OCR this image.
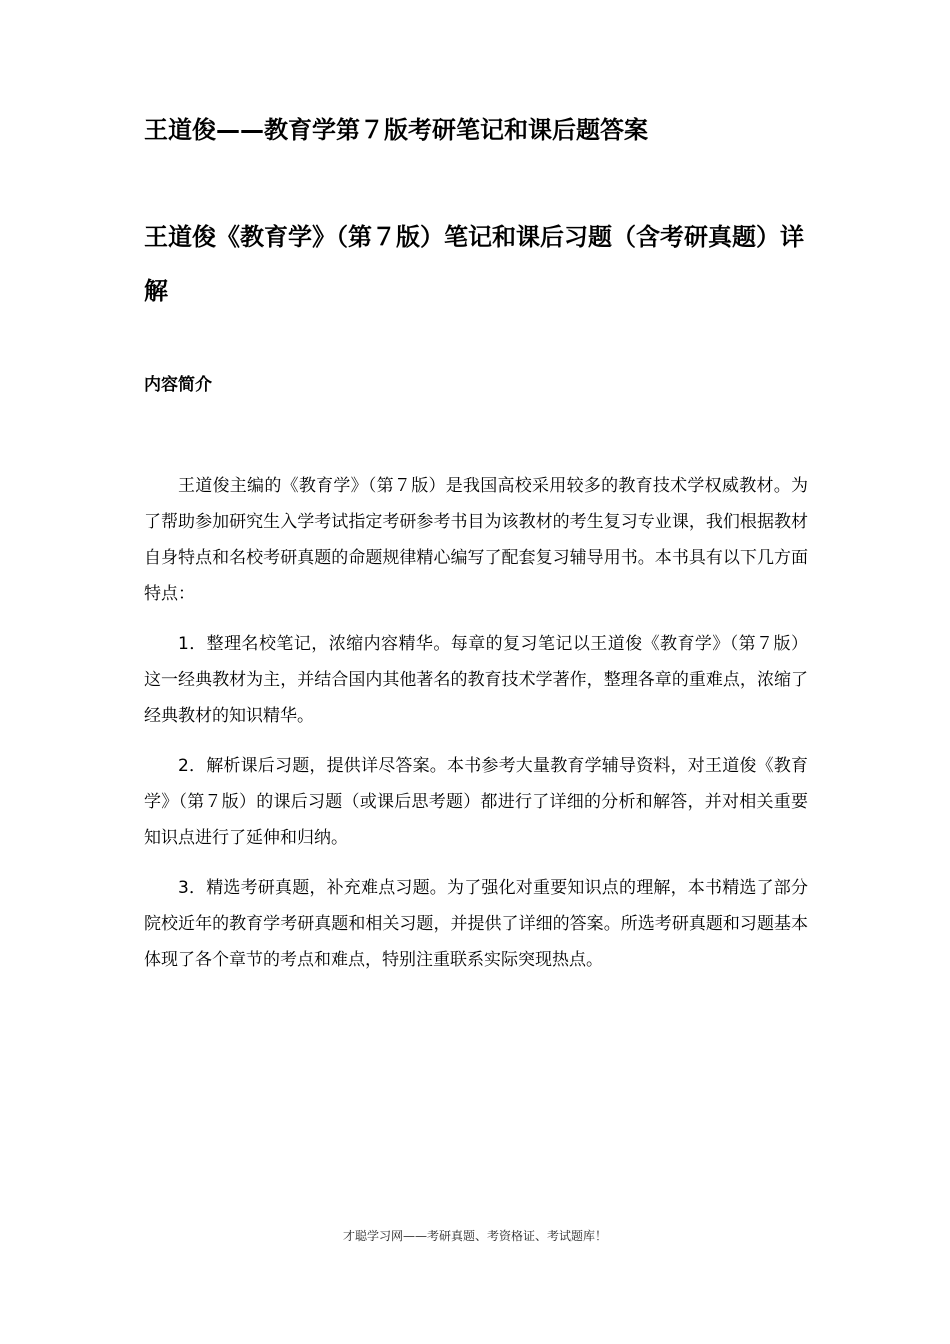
王道俊——教育学第７版考研笔记和课后题答案
王道俊《教育学》（第７版）笔记和课后习题（含考研真题）详解
内容简介

王道俊主编的《教育学》（第７版）是我国高校采用较多的教育技术学权威教材。为了帮助参加研究生入学考试指定考研参考书目为该教材的考生复习专业课，我们根据教材自身特点和名校考研真题的命题规律精心编写了配套复习辅导用书。本书具有以下几方面特点：

1．整理名校笔记，浓缩内容精华。每章的复习笔记以王道俊《教育学》（第７版）这一经典教材为主，并结合国内其他著名的教育技术学著作，整理各章的重难点，浓缩了经典教材的知识精华。

2．解析课后习题，提供详尽答案。本书参考大量教育学辅导资料，对王道俊《教育学》（第７版）的课后习题（或课后思考题）都进行了详细的分析和解答，并对相关重要知识点进行了延伸和归纳。

3．精选考研真题，补充难点习题。为了强化对重要知识点的理解，本书精选了部分院校近年的教育学考研真题和相关习题，并提供了详细的答案。所选考研真题和习题基本体现了各个章节的考点和难点，特别注重联系实际突现热点。

才聪学习网——考研真题、考资格证、考试题库！
